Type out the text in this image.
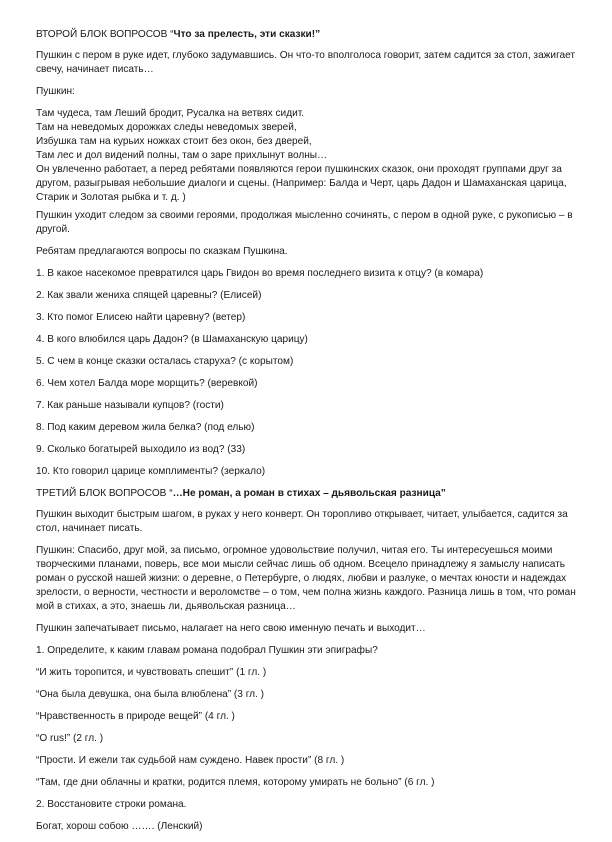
ВТОРОЙ БЛОК ВОПРОСОВ “Что за прелесть, эти сказки!”

Пушкин с пером в руке идет, глубоко задумавшись. Он что-то вполголоса говорит, затем садится за стол, зажигает свечу, начинает писать…

Пушкин:

Там чудеса, там Леший бродит, Русалка на ветвях сидит.
Там на неведомых дорожках следы неведомых зверей,
Избушка там на курьих ножках стоит без окон, без дверей,
Там лес и дол видений полны, там о заре прихлынут волны…
Он увлеченно работает, а перед ребятами появляются герои пушкинских сказок, они проходят группами друг за другом, разыгрывая небольшие диалоги и сцены. (Например: Балда и Черт, царь Дадон и Шамаханская царица, Старик и Золотая рыбка и т. д. )

Пушкин уходит следом за своими героями, продолжая мысленно сочинять, с пером в одной руке, с рукописью – в другой.

Ребятам предлагаются вопросы по сказкам Пушкина.

1. В какое насекомое превратился царь Гвидон во время последнего визита к отцу? (в комара)

2. Как звали жениха спящей царевны? (Елисей)

3. Кто помог Елисею найти царевну? (ветер)

4. В кого влюбился царь Дадон? (в Шамаханскую царицу)

5. С чем в конце сказки осталась старуха? (с корытом)

6. Чем хотел Балда море морщить? (веревкой)

7. Как раньше называли купцов? (гости)

8. Под каким деревом жила белка? (под елью)

9. Сколько богатырей выходило из вод? (33)

10. Кто говорил царице комплименты? (зеркало)

ТРЕТИЙ БЛОК ВОПРОСОВ “…Не роман, а роман в стихах – дьявольская разница”

Пушкин выходит быстрым шагом, в руках у него конверт. Он торопливо открывает, читает, улыбается, садится за стол, начинает писать.

Пушкин: Спасибо, друг мой, за письмо, огромное удовольствие получил, читая его. Ты интересуешься моими творческими планами, поверь, все мои мысли сейчас лишь об одном. Всецело принадлежу я замыслу написать роман о русской нашей жизни: о деревне, о Петербурге, о людях, любви и разлуке, о мечтах юности и надеждах зрелости, о верности, честности и вероломстве – о том, чем полна жизнь каждого. Разница лишь в том, что роман мой в стихах, а это, знаешь ли, дьявольская разница…

Пушкин запечатывает письмо, налагает на него свою именную печать и выходит…

1. Определите, к каким главам романа подобрал Пушкин эти эпиграфы?

“И жить торопится, и чувствовать спешит” (1 гл. )

“Она была девушка, она была влюблена” (3 гл. )

“Нравственность в природе вещей” (4 гл. )

“O rus!” (2 гл. )

“Прости. И ежели так судьбой нам суждено. Навек прости” (8 гл. )

“Там, где дни облачны и кратки, родится племя, которому умирать не больно” (6 гл. )

2. Восстановите строки романа.

Богат, хорош собою ……. (Ленский)
